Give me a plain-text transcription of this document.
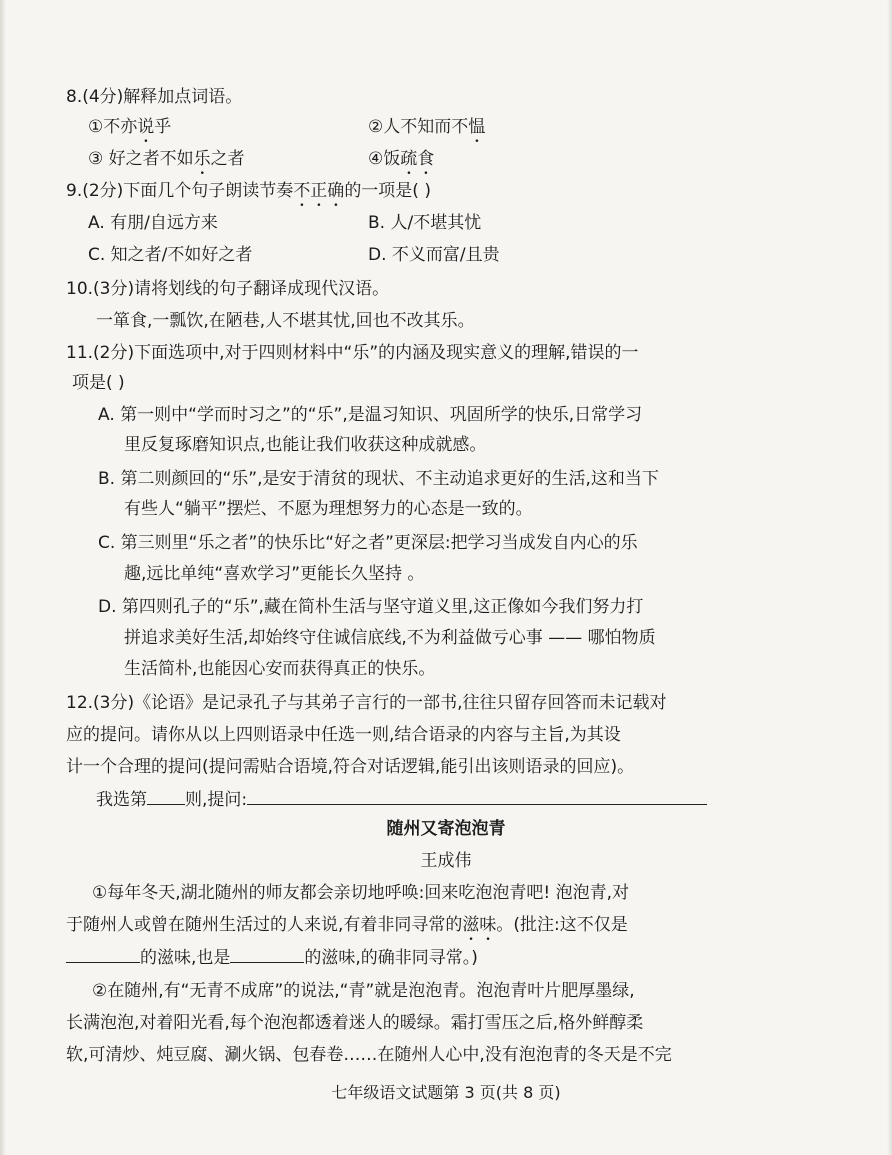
8.(4分)解释加点词语。
①不亦说乎	②人不知而不愠
③ 好之者不如乐之者	④饭疏食
9.(2分)下面几个句子朗读节奏不正确的一项是( )
A. 有朋/自远方来	B. 人/不堪其忧
C. 知之者/不如好之者	D. 不义而富/且贵
10.(3分)请将划线的句子翻译成现代汉语。
一箪食,一瓢饮,在陋巷,人不堪其忧,回也不改其乐。
11.(2分)下面选项中,对于四则材料中“乐”的内涵及现实意义的理解,错误的一
项是( )
A. 第一则中“学而时习之”的“乐”,是温习知识、巩固所学的快乐,日常学习
里反复琢磨知识点,也能让我们收获这种成就感。
B. 第二则颜回的“乐”,是安于清贫的现状、不主动追求更好的生活,这和当下
有些人“躺平”摆烂、不愿为理想努力的心态是一致的。
C. 第三则里“乐之者”的快乐比“好之者”更深层:把学习当成发自内心的乐
趣,远比单纯“喜欢学习”更能长久坚持 。
D. 第四则孔子的“乐”,藏在简朴生活与坚守道义里,这正像如今我们努力打
拼追求美好生活,却始终守住诚信底线,不为利益做亏心事 —— 哪怕物质
生活简朴,也能因心安而获得真正的快乐。
12.(3分)《论语》是记录孔子与其弟子言行的一部书,往往只留存回答而未记载对
应的提问。请你从以上四则语录中任选一则,结合语录的内容与主旨,为其设
计一个合理的提问(提问需贴合语境,符合对话逻辑,能引出该则语录的回应)。
我选第 则,提问:
随州又寄泡泡青
王成伟
①每年冬天,湖北随州的师友都会亲切地呼唤:回来吃泡泡青吧! 泡泡青,对
于随州人或曾在随州生活过的人来说,有着非同寻常的滋味。(批注:这不仅是
的滋味,也是	的滋味,的确非同寻常。)
②在随州,有“无青不成席”的说法,“青”就是泡泡青。泡泡青叶片肥厚墨绿,
长满泡泡,对着阳光看,每个泡泡都透着迷人的暖绿。霜打雪压之后,格外鲜醇柔
软,可清炒、炖豆腐、涮火锅、包春卷……在随州人心中,没有泡泡青的冬天是不完
七年级语文试题第 3 页(共 8 页)
